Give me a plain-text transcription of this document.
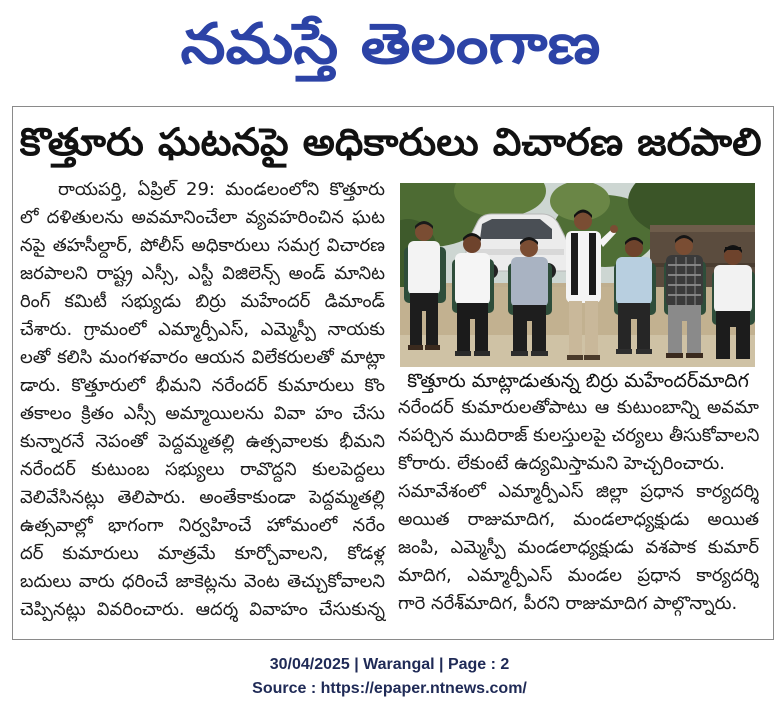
నమస్తే తెలంగాణ
కొత్తూరు ఘటనపై అధికారులు విచారణ జరపాలి
రాయపర్తి, ఏప్రిల్ 29: మండలంలోని కొత్తూరు
లో దళితులను అవమానించేలా వ్యవహరించిన ఘట
నపై తహసీల్దార్, పోలీస్ అధికారులు సమగ్ర విచారణ
జరపాలని రాష్ట్ర ఎస్సీ, ఎస్టీ విజిలెన్స్ అండ్ మానిట
రింగ్ కమిటీ సభ్యుడు బిర్రు మహేందర్ డిమాండ్
చేశారు. గ్రామంలో ఎమ్మార్పీఎస్, ఎమ్మెస్పీ నాయకు
లతో కలిసి మంగళవారం ఆయన విలేకరులతో మాట్లా
డారు. కొత్తూరులో భీమని నరేందర్ కుమారులు కొం
తకాలం క్రితం ఎస్సీ అమ్మాయిలను వివా హం చేసు
కున్నారనే నెపంతో పెద్దమ్మతల్లి ఉత్సవాలకు భీమని
నరేందర్ కుటుంబ సభ్యులు రావొద్దని కులపెద్దలు
వెలివేసినట్లు తెలిపారు. అంతేకాకుండా పెద్దమ్మతల్లి
ఉత్సవాల్లో భాగంగా నిర్వహించే హోమంలో నరేం
దర్ కుమారులు మాత్రమే కూర్చోవాలని, కోడళ్ల
బదులు వారు ధరించే జాకెట్లను వెంట తెచ్చుకోవాలని
చెప్పినట్లు వివరించారు. ఆదర్శ వివాహం చేసుకున్న
కొత్తూరు మాట్లాడుతున్న బిర్రు మహేందర్‌మాదిగ
నరేందర్ కుమారులతోపాటు ఆ కుటుంబాన్ని అవమా
నపర్చిన ముదిరాజ్ కులస్తులపై చర్యలు తీసుకోవాలని
కోరారు. లేకుంటే ఉద్యమిస్తామని హెచ్చరించారు.
సమావేశంలో ఎమ్మార్పీఎస్ జిల్లా ప్రధాన కార్యదర్శి
అయిత రాజుమాదిగ, మండలాధ్యక్షుడు అయిత
జంపి, ఎమ్మెస్పీ మండలాధ్యక్షుడు వశపాక కుమార్
మాదిగ, ఎమ్మార్పీఎస్ మండల ప్రధాన కార్యదర్శి
గారె నరేశ్‌మాదిగ, పీరని రాజుమాదిగ పాల్గొన్నారు.
30/04/2025 | Warangal | Page : 2
Source : https://epaper.ntnews.com/
